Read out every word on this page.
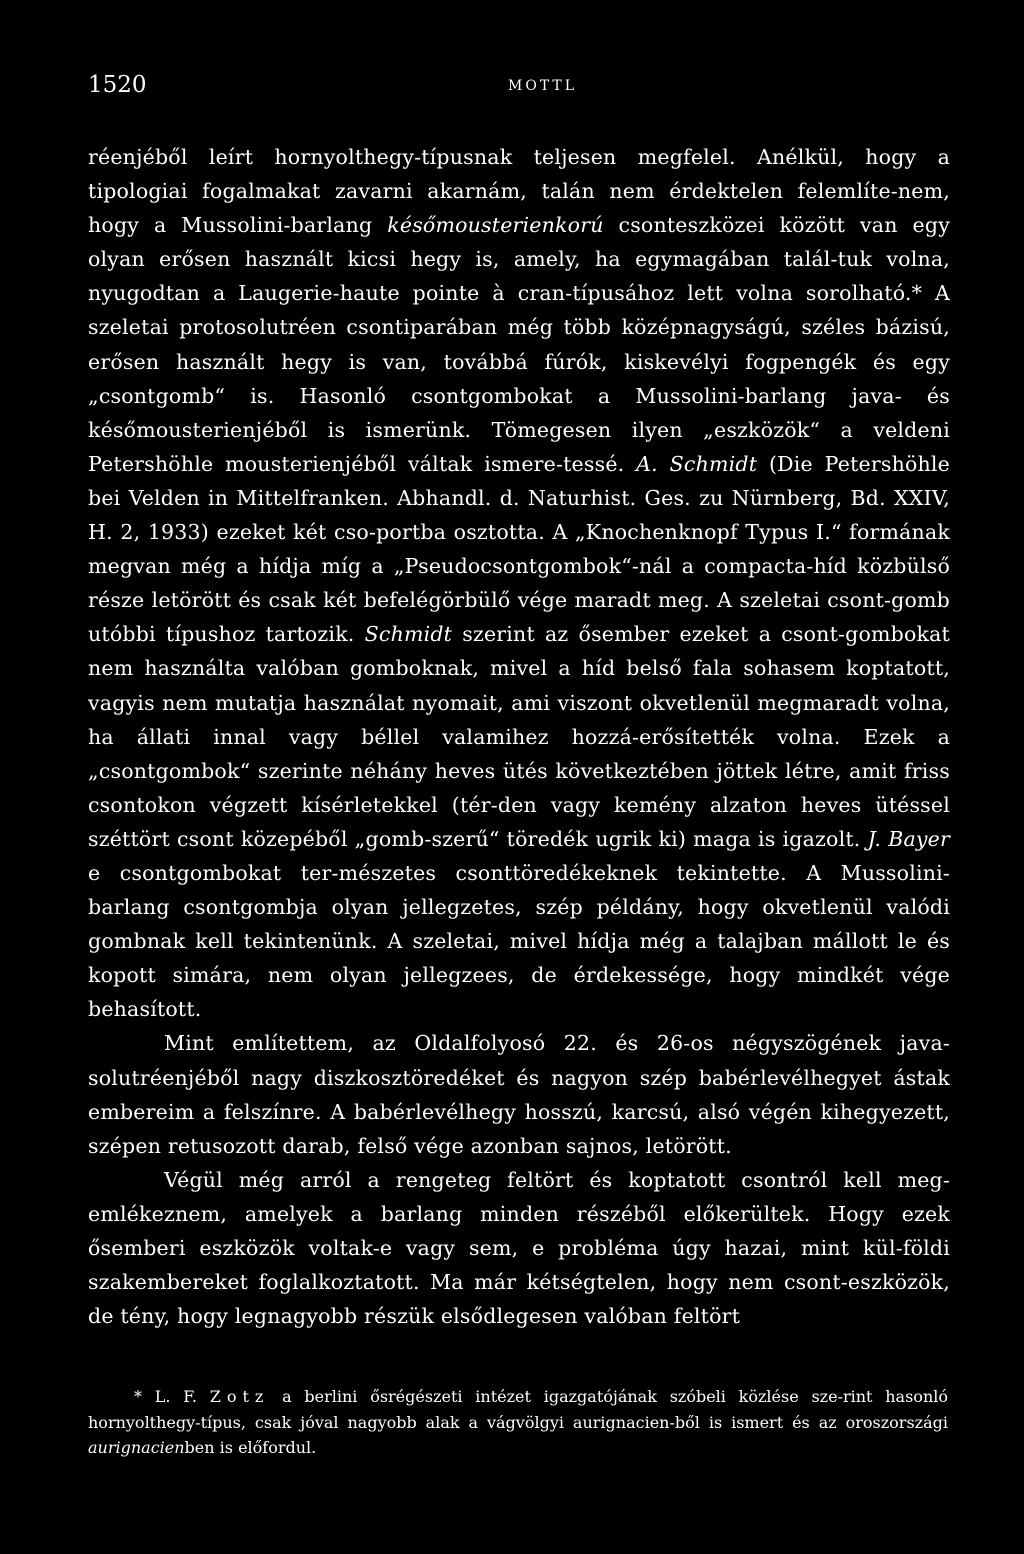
1520	MOTTL

réenjéből leírt hornyolthegy-típusnak teljesen megfelel. Anélkül, hogy a tipologiai fogalmakat zavarni akarnám, talán nem érdektelen felemlíte-nem, hogy a Mussolini-barlang későmousterienkorú csonteszközei között van egy olyan erősen használt kicsi hegy is, amely, ha egymagában talál-tuk volna, nyugodtan a Laugerie-haute pointe à cran-típusához lett volna sorolható.* A szeletai protosolutréen csontiparában még több középnagyságú, széles bázisú, erősen használt hegy is van, továbbá fúrók, kiskevélyi fogpengék és egy „csontgomb“ is. Hasonló csontgombokat a Mussolini-barlang java- és későmousterienjéből is ismerünk. Tömegesen ilyen „eszközök“ a veldeni Petershöhle mousterienjéből váltak ismere-tessé. A. Schmidt (Die Petershöhle bei Velden in Mittelfranken. Abhandl. d. Naturhist. Ges. zu Nürnberg, Bd. XXIV, H. 2, 1933) ezeket két cso-portba osztotta. A „Knochenknopf Typus I.“ formának megvan még a hídja míg a „Pseudocsontgombok“-nál a compacta-híd közbülső része letörött és csak két befelégörbülő vége maradt meg. A szeletai csont-gomb utóbbi típushoz tartozik. Schmidt szerint az ősember ezeket a csont-gombokat nem használta valóban gomboknak, mivel a híd belső fala sohasem koptatott, vagyis nem mutatja használat nyomait, ami viszont okvetlenül megmaradt volna, ha állati innal vagy béllel valamihez hozzá-erősítették volna. Ezek a „csontgombok“ szerinte néhány heves ütés következtében jöttek létre, amit friss csontokon végzett kísérletekkel (tér-den vagy kemény alzaton heves ütéssel széttört csont közepéből „gomb-szerű“ töredék ugrik ki) maga is igazolt. J. Bayer e csontgombokat ter-mészetes csonttöredékeknek tekintette. A Mussolini-barlang csontgombja olyan jellegzetes, szép példány, hogy okvetlenül valódi gombnak kell tekintenünk. A szeletai, mivel hídja még a talajban mállott le és kopott simára, nem olyan jellegzees, de érdekessége, hogy mindkét vége behasított.

Mint említettem, az Oldalfolyosó 22. és 26-os négyszögének java-solutréenjéből nagy diszkosztöredéket és nagyon szép babérlevélhegyet ástak embereim a felszínre. A babérlevélhegy hosszú, karcsú, alsó végén kihegyezett, szépen retusozott darab, felső vége azonban sajnos, letörött.

Végül még arról a rengeteg feltört és koptatott csontról kell meg-emlékeznem, amelyek a barlang minden részéből előkerültek. Hogy ezek ősemberi eszközök voltak-e vagy sem, e probléma úgy hazai, mint kül-földi szakembereket foglalkoztatott. Ma már kétségtelen, hogy nem csont-eszközök, de tény, hogy legnagyobb részük elsődlegesen valóban feltört

* L. F. Zotz a berlini ősrégészeti intézet igazgatójának szóbeli közlése sze-rint hasonló hornyolthegy-típus, csak jóval nagyobb alak a vágvölgyi aurignacien-ből is ismert és az oroszországi aurignacienben is előfordul.
